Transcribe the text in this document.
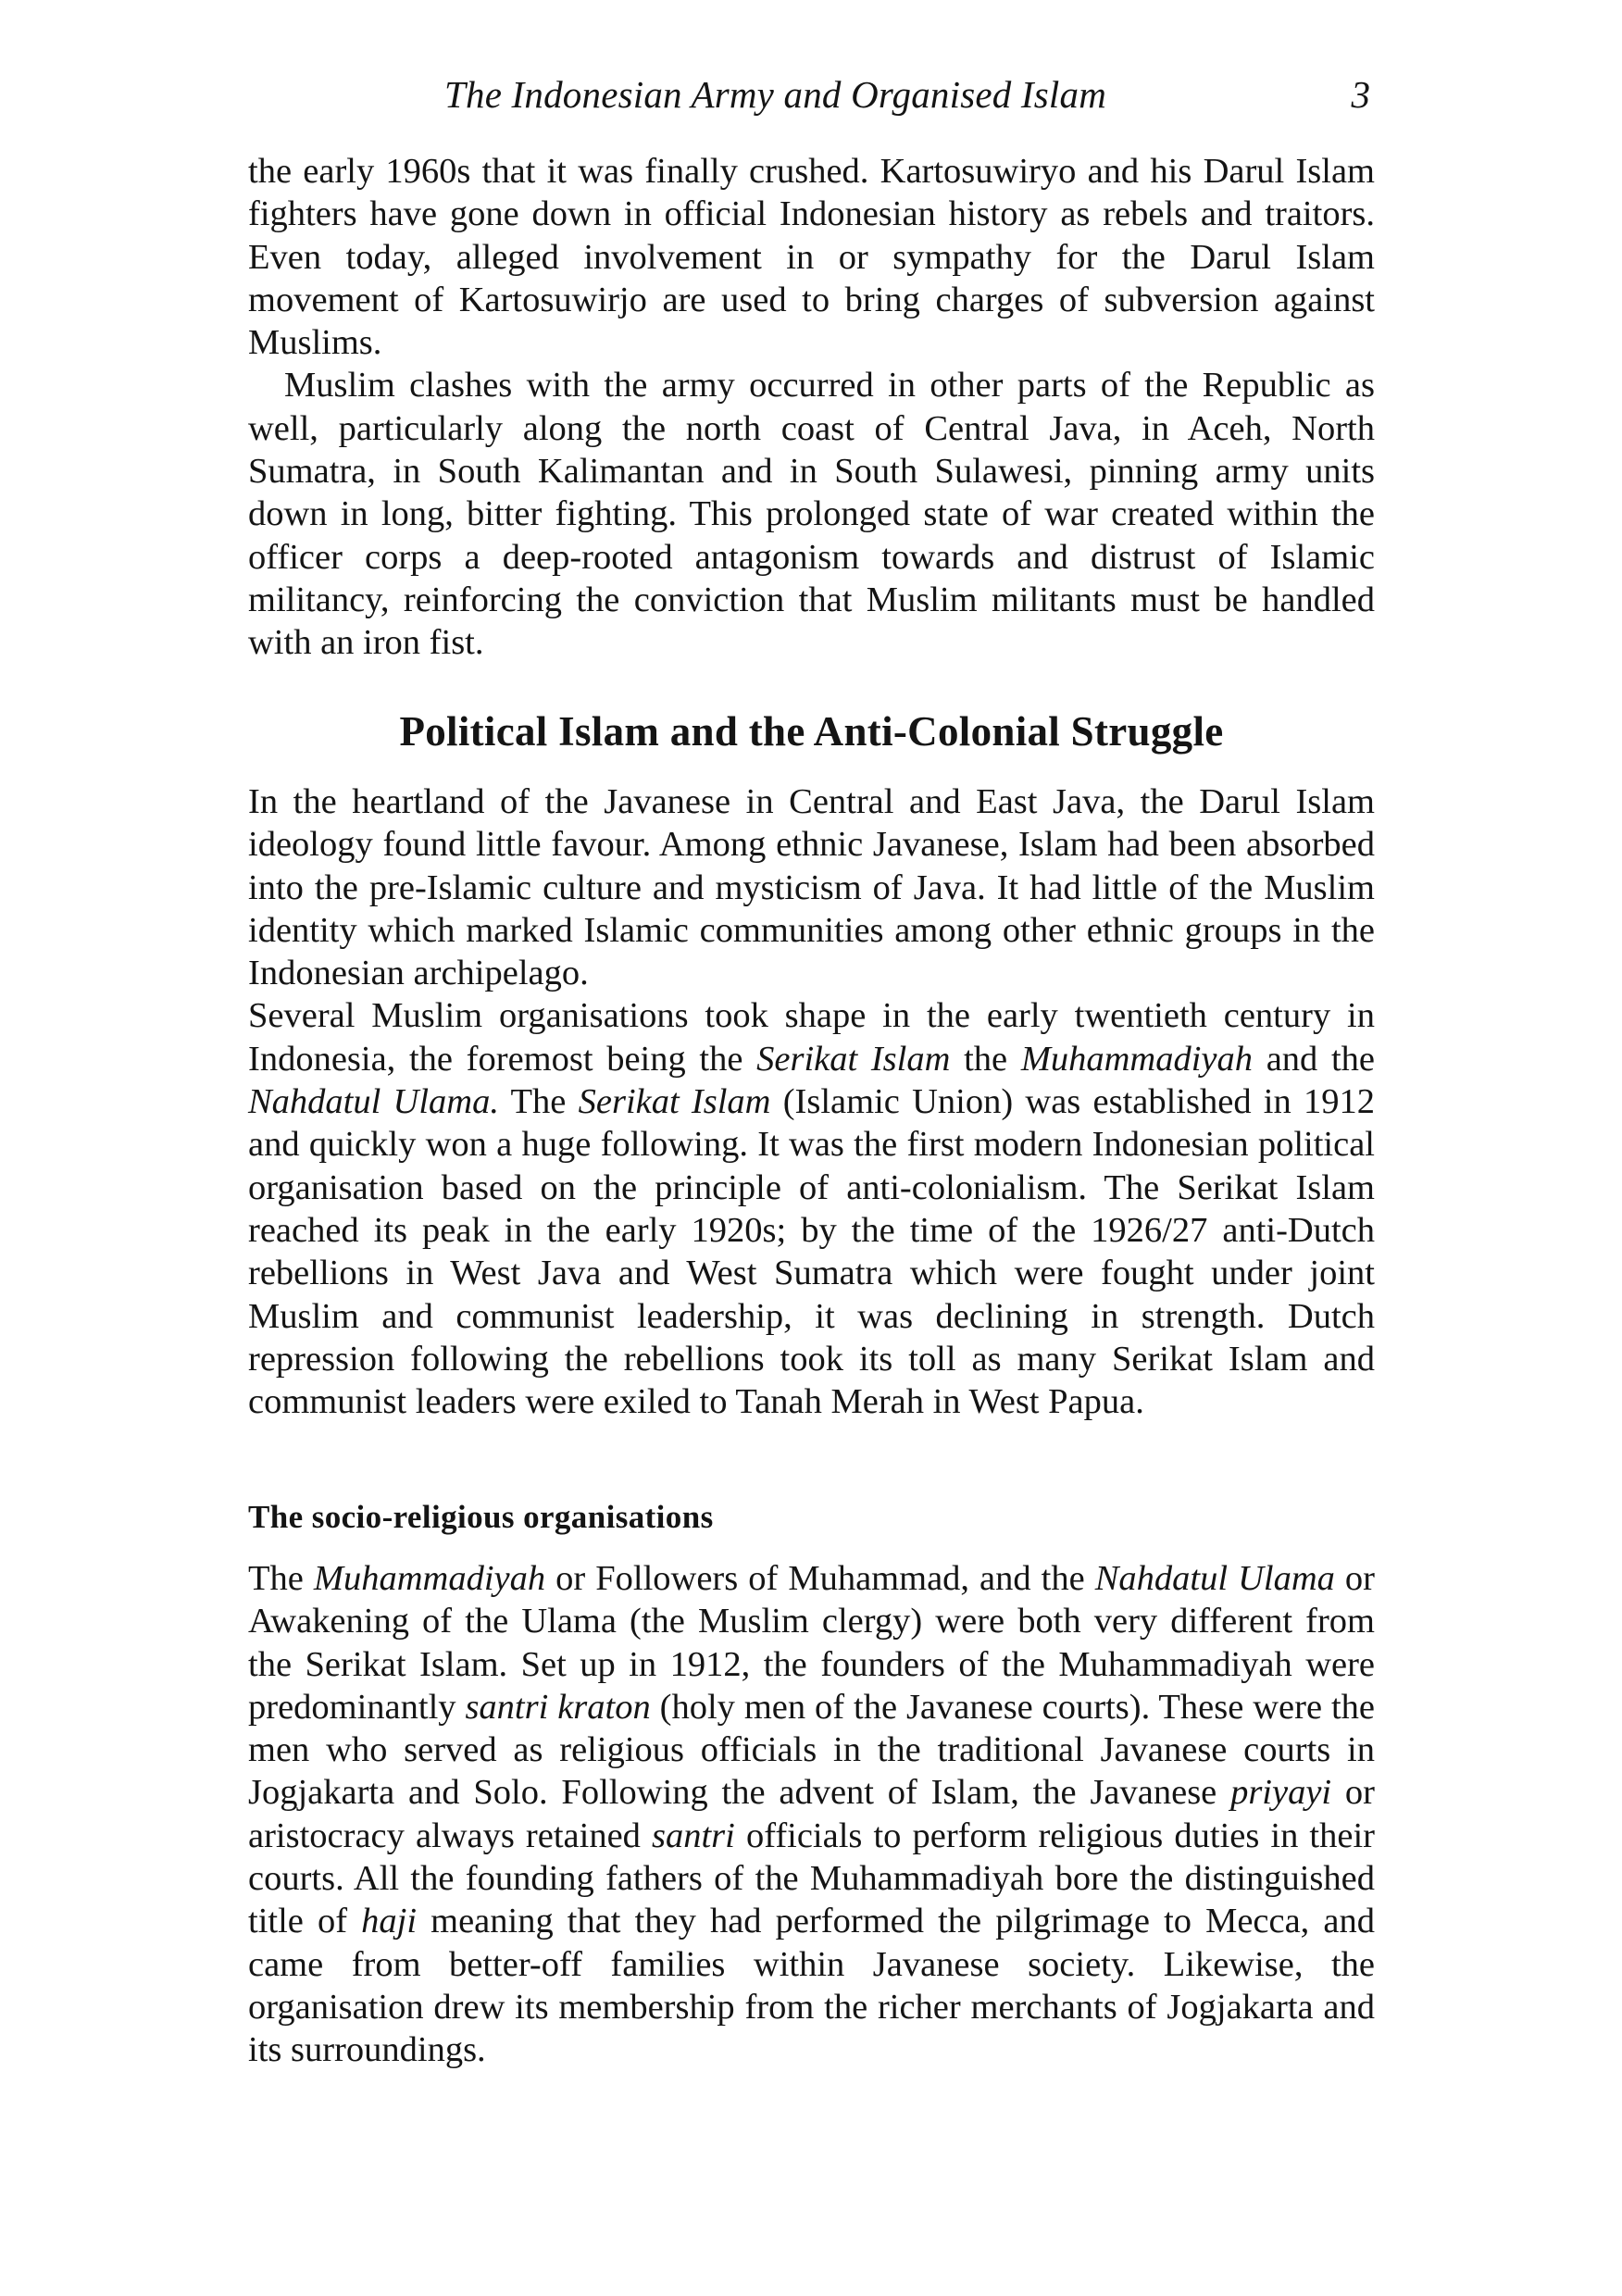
The Indonesian Army and Organised Islam	3

the early 1960s that it was finally crushed. Kartosuwiryo and his Darul Islam fighters have gone down in official Indonesian history as rebels and traitors. Even today, alleged involvement in or sympathy for the Darul Islam movement of Kartosuwirjo are used to bring charges of subversion against Muslims.

Muslim clashes with the army occurred in other parts of the Republic as well, particularly along the north coast of Central Java, in Aceh, North Sumatra, in South Kalimantan and in South Sulawesi, pinning army units down in long, bitter fighting. This prolonged state of war created within the officer corps a deep-rooted antagonism towards and distrust of Islamic militancy, reinforcing the conviction that Muslim militants must be handled with an iron fist.

Political Islam and the Anti-Colonial Struggle

In the heartland of the Javanese in Central and East Java, the Darul Islam ideology found little favour. Among ethnic Javanese, Islam had been absorbed into the pre-Islamic culture and mysticism of Java. It had little of the Muslim identity which marked Islamic communities among other ethnic groups in the Indonesian archipelago.

Several Muslim organisations took shape in the early twentieth century in Indonesia, the foremost being the Serikat Islam the Muhammadiyah and the Nahdatul Ulama. The Serikat Islam (Islamic Union) was established in 1912 and quickly won a huge following. It was the first modern Indonesian political organisation based on the principle of anti-colonialism. The Serikat Islam reached its peak in the early 1920s; by the time of the 1926/27 anti-Dutch rebellions in West Java and West Sumatra which were fought under joint Muslim and communist leadership, it was declining in strength. Dutch repression following the rebellions took its toll as many Serikat Islam and communist leaders were exiled to Tanah Merah in West Papua.

The socio-religious organisations

The Muhammadiyah or Followers of Muhammad, and the Nahdatul Ulama or Awakening of the Ulama (the Muslim clergy) were both very different from the Serikat Islam. Set up in 1912, the founders of the Muhammadiyah were predominantly santri kraton (holy men of the Javanese courts). These were the men who served as religious officials in the traditional Javanese courts in Jogjakarta and Solo. Following the advent of Islam, the Javanese priyayi or aristocracy always retained santri officials to perform religious duties in their courts. All the founding fathers of the Muhammadiyah bore the distinguished title of haji meaning that they had performed the pilgrimage to Mecca, and came from better-off families within Javanese society. Likewise, the organisation drew its membership from the richer merchants of Jogjakarta and its surroundings.
